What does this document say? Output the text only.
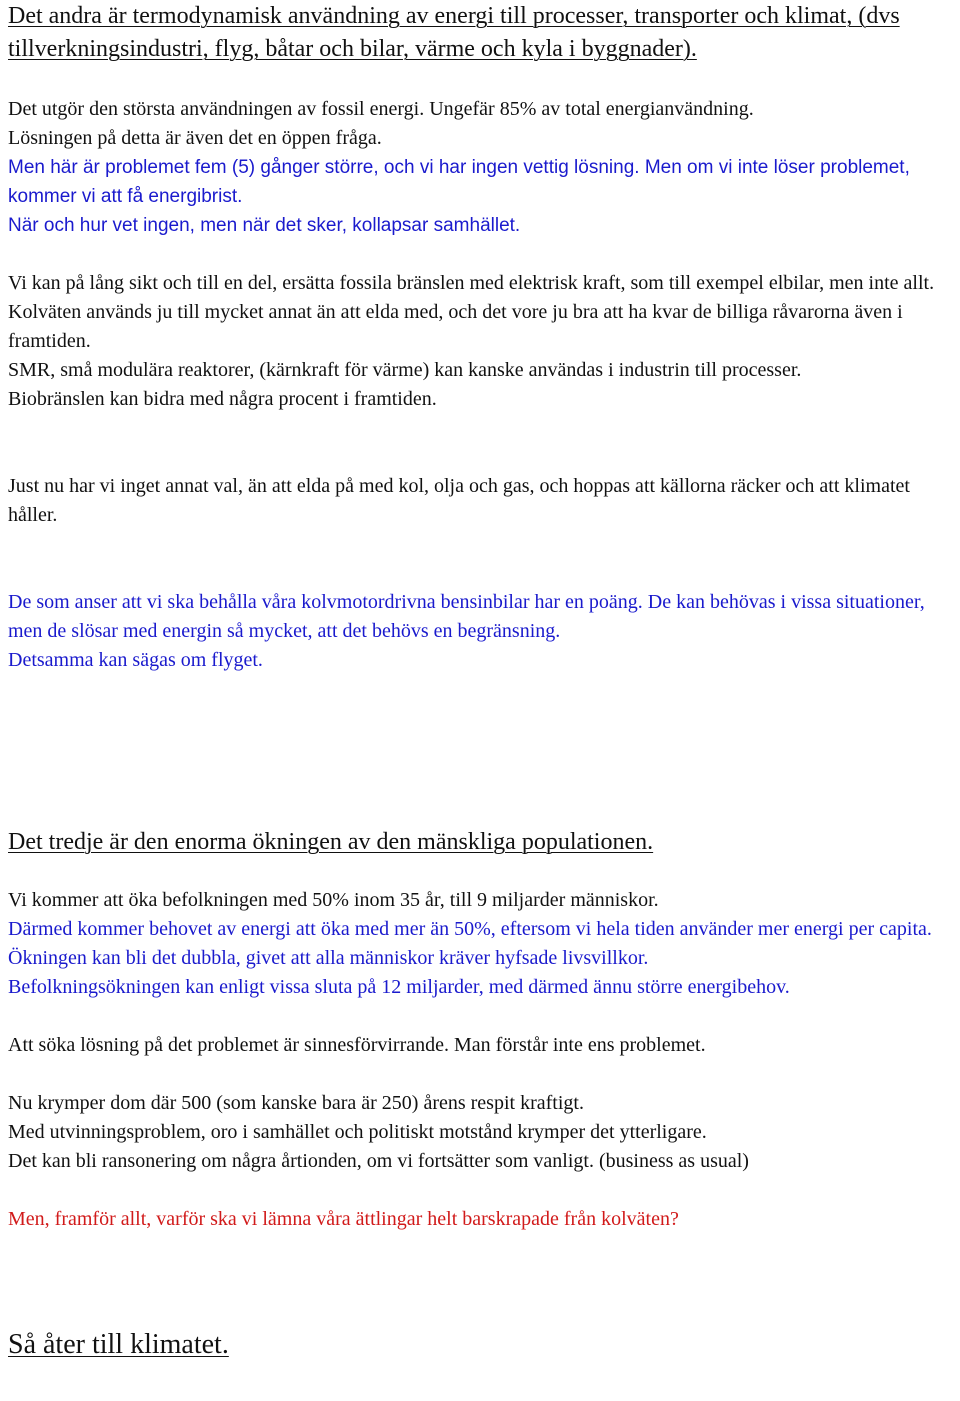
Det andra är termodynamisk användning av energi till processer, transporter och klimat, (dvs tillverkningsindustri, flyg, båtar och bilar, värme och kyla i byggnader).

Det utgör den största användningen av fossil energi. Ungefär 85% av total energianvändning.

Lösningen på detta är även det en öppen fråga.

Men här är problemet fem (5) gånger större, och vi har ingen vettig lösning. Men om vi inte löser problemet, kommer vi att få energibrist.

När och hur vet ingen, men när det sker, kollapsar samhället.

Vi kan på lång sikt och till en del, ersätta fossila bränslen med elektrisk kraft, som till exempel elbilar, men inte allt.

Kolväten används ju till mycket annat än att elda med, och det vore ju bra att ha kvar de billiga råvarorna även i framtiden.

SMR, små modulära reaktorer, (kärnkraft för värme) kan kanske användas i industrin till processer.

Biobränslen kan bidra med några procent i framtiden.

Just nu har vi inget annat val, än att elda på med kol, olja och gas, och hoppas att källorna räcker och att klimatet håller.

De som anser att vi ska behålla våra kolvmotordrivna bensinbilar har en poäng. De kan behövas i vissa situationer, men de slösar med energin så mycket, att det behövs en begränsning.

Detsamma kan sägas om flyget.

Det tredje är den enorma ökningen av den mänskliga populationen.

Vi kommer att öka befolkningen med 50% inom 35 år, till 9 miljarder människor.

Därmed kommer behovet av energi att öka med mer än 50%, eftersom vi hela tiden använder mer energi per capita.

Ökningen kan bli det dubbla, givet att alla människor kräver hyfsade livsvillkor.

Befolkningsökningen kan enligt vissa sluta på 12 miljarder, med därmed ännu större energibehov.

Att söka lösning på det problemet är sinnesförvirrande. Man förstår inte ens problemet.

Nu krymper dom där 500 (som kanske bara är 250) årens respit kraftigt.

Med utvinningsproblem, oro i samhället och politiskt motstånd krymper det ytterligare.

Det kan bli ransonering om några årtionden, om vi fortsätter som vanligt. (business as usual)

Men, framför allt, varför ska vi lämna våra ättlingar helt barskrapade från kolväten?

Så åter till klimatet.
